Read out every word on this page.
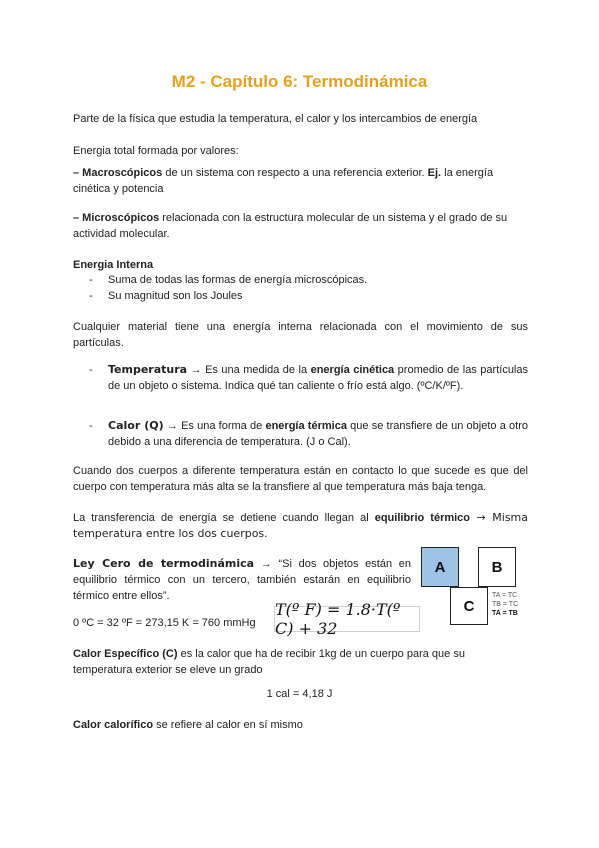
M2 - Capítulo 6: Termodinámica
Parte de la física que estudia la temperatura, el calor y los intercambios de energía
Energia total formada por valores:
– Macroscópicos de un sistema con respecto a una referencia exterior. Ej. la energía
cinética y potencia
– Microscópicos relacionada con la estructura molecular de un sistema y el grado de su
actividad molecular.
Energia Interna
- Suma de todas las formas de energía microscópicas.
- Su magnitud son los Joules
Cualquier material tiene una energía interna relacionada con el movimiento de sus partículas.
- Temperatura → Es una medida de la energía cinética promedio de las partículas de un objeto o sistema. Indica qué tan caliente o frío está algo. (ºC/K/ºF).
- Calor (Q) → Es una forma de energía térmica que se transfiere de un objeto a otro debido a una diferencia de temperatura. (J o Cal).
Cuando dos cuerpos a diferente temperatura están en contacto lo que sucede es que del cuerpo con temperatura más alta se la transfiere al que temperatura más baja tenga.
La transferencia de energía se detiene cuando llegan al equilibrio térmico → Misma temperatura entre los dos cuerpos.
Ley Cero de termodinámica → “Si dos objetos están en equilibrio térmico con un tercero, también estarán en equilibrio térmico entre ellos”.
0 ºC = 32 ºF = 273,15 K = 760 mmHg
T(º F) = 1.8·T(º C) + 32
A	B
C
TA = TC
TB = TC
TA = TB
Calor Específico (C) es la calor que ha de recibir 1kg de un cuerpo para que su
temperatura exterior se eleve un grado
1 cal = 4,18 J
Calor calorífico se refiere al calor en sí mismo
